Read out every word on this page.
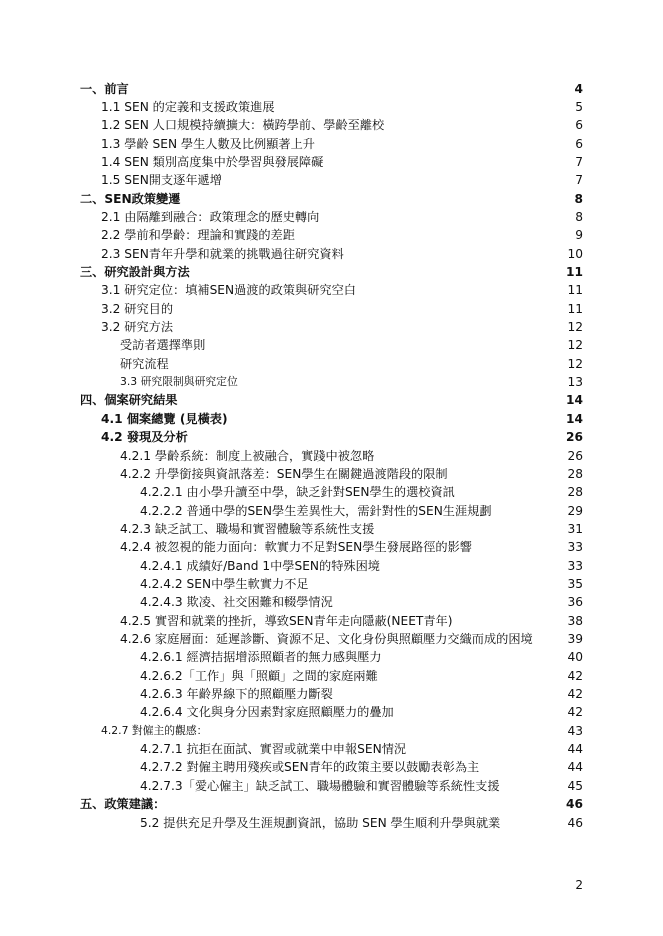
一、前言	4
1.1 SEN 的定義和支援政策進展	5
1.2 SEN 人口規模持續擴大：橫跨學前、學齡至離校	6
1.3 學齡 SEN 學生人數及比例顯著上升	6
1.4 SEN 類別高度集中於學習與發展障礙	7
1.5 SEN開支逐年遞增	7
二、SEN政策變遷	8
2.1 由隔離到融合：政策理念的歷史轉向	8
2.2 學前和學齡：理論和實踐的差距	9
2.3 SEN青年升學和就業的挑戰過往研究資料	10
三、研究設計與方法	11
3.1 研究定位：填補SEN過渡的政策與研究空白	11
3.2 研究目的	11
3.2 研究方法	12
受訪者選擇準則	12
研究流程	12
3.3 研究限制與研究定位	13
四、個案研究結果	14
4.1 個案總覽 (見橫表)	14
4.2 發現及分析	26
4.2.1 學齡系統：制度上被融合，實踐中被忽略	26
4.2.2 升學銜接與資訊落差：SEN學生在關鍵過渡階段的限制	28
4.2.2.1 由小學升讀至中學，缺乏針對SEN學生的選校資訊	28
4.2.2.2 普通中學的SEN學生差異性大，需針對性的SEN生涯規劃	29
4.2.3 缺乏試工、職場和實習體驗等系統性支援	31
4.2.4 被忽視的能力面向：軟實力不足對SEN學生發展路徑的影響	33
4.2.4.1 成績好/Band 1中學SEN的特殊困境	33
4.2.4.2 SEN中學生軟實力不足	35
4.2.4.3 欺凌、社交困難和輟學情況	36
4.2.5 實習和就業的挫折，導致SEN青年走向隱蔽(NEET青年)	38
4.2.6 家庭層面：延遲診斷、資源不足、文化身份與照顧壓力交織而成的困境	39
4.2.6.1 經濟拮据增添照顧者的無力感與壓力	40
4.2.6.2「工作」與「照顧」之間的家庭兩難	42
4.2.6.3 年齡界線下的照顧壓力斷裂	42
4.2.6.4 文化與身分因素對家庭照顧壓力的疊加	42
4.2.7 對僱主的觀感：	43
4.2.7.1 抗拒在面試、實習或就業中申報SEN情況	44
4.2.7.2 對僱主聘用殘疾或SEN青年的政策主要以鼓勵表彰為主	44
4.2.7.3「愛心僱主」缺乏試工、職場體驗和實習體驗等系統性支援	45
五、政策建議：	46
5.2 提供充足升學及生涯規劃資訊，協助 SEN 學生順利升學與就業	46
2
